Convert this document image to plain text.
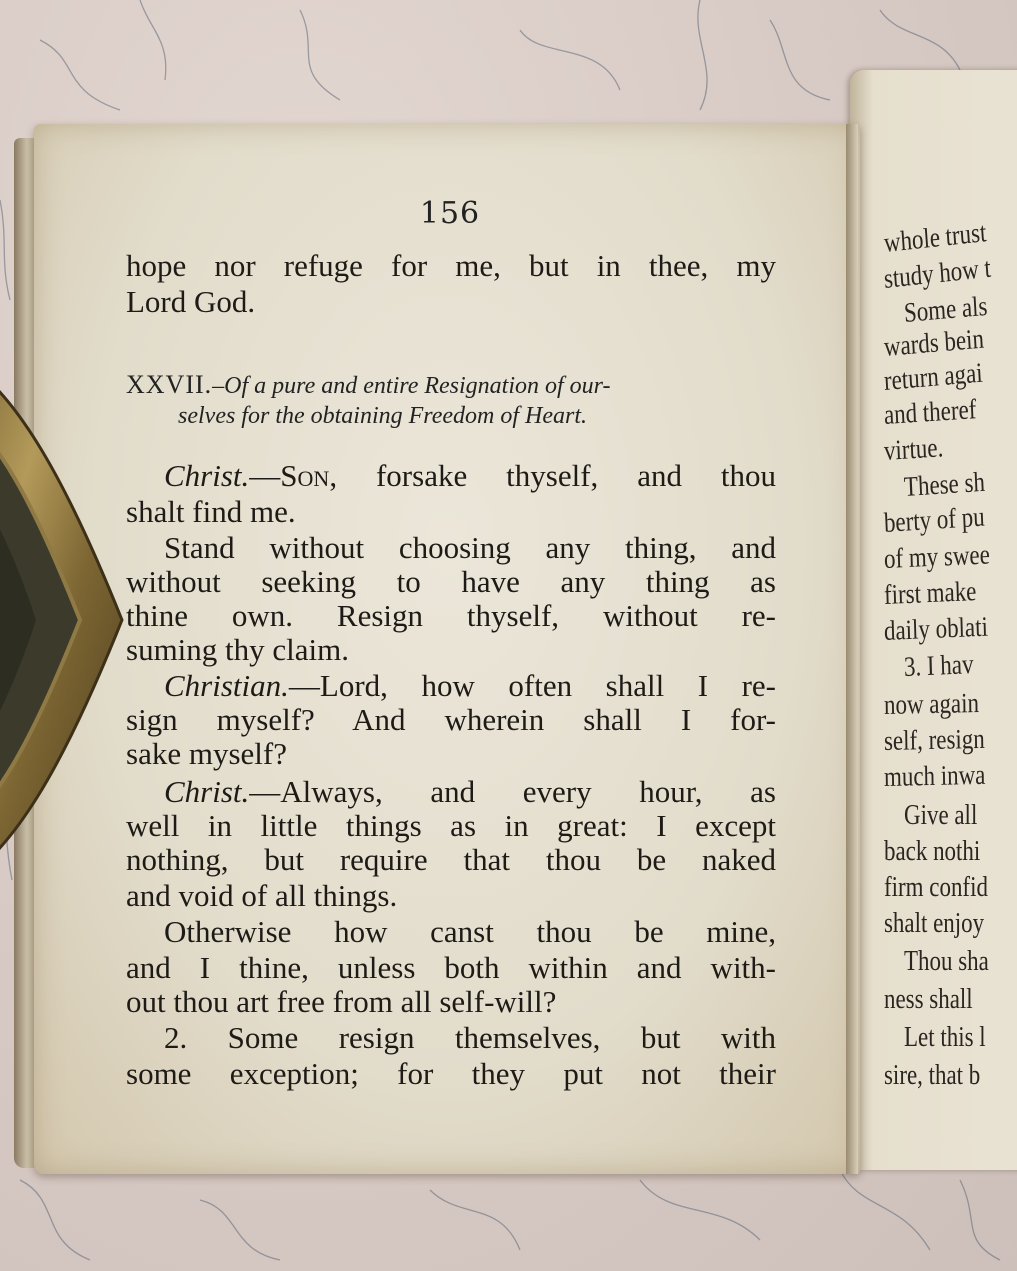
whole trust
study how t
Some als
wards bein
return agai
and theref
virtue.
These sh
berty of pu
of my swee
first make
daily oblati
3. I hav
now again
self, resign
much inwa
Give all
back nothi
firm confid
shalt enjoy
Thou sha
ness shall
Let this l
sire, that b
156
hope nor refuge for me, but in thee, my
Lord God.
XXVII.–Of a pure and entire Resignation of our-
selves for the obtaining Freedom of Heart.
Christ.—Son, forsake thyself, and thou
shalt find me.
Stand without choosing any thing, and
without seeking to have any thing as
thine own. Resign thyself, without re-
suming thy claim.
Christian.—Lord, how often shall I re-
sign myself? And wherein shall I for-
sake myself?
Christ.—Always, and every hour, as
well in little things as in great: I except
nothing, but require that thou be naked
and void of all things.
Otherwise how canst thou be mine,
and I thine, unless both within and with-
out thou art free from all self-will?
2. Some resign themselves, but with
some exception; for they put not their
